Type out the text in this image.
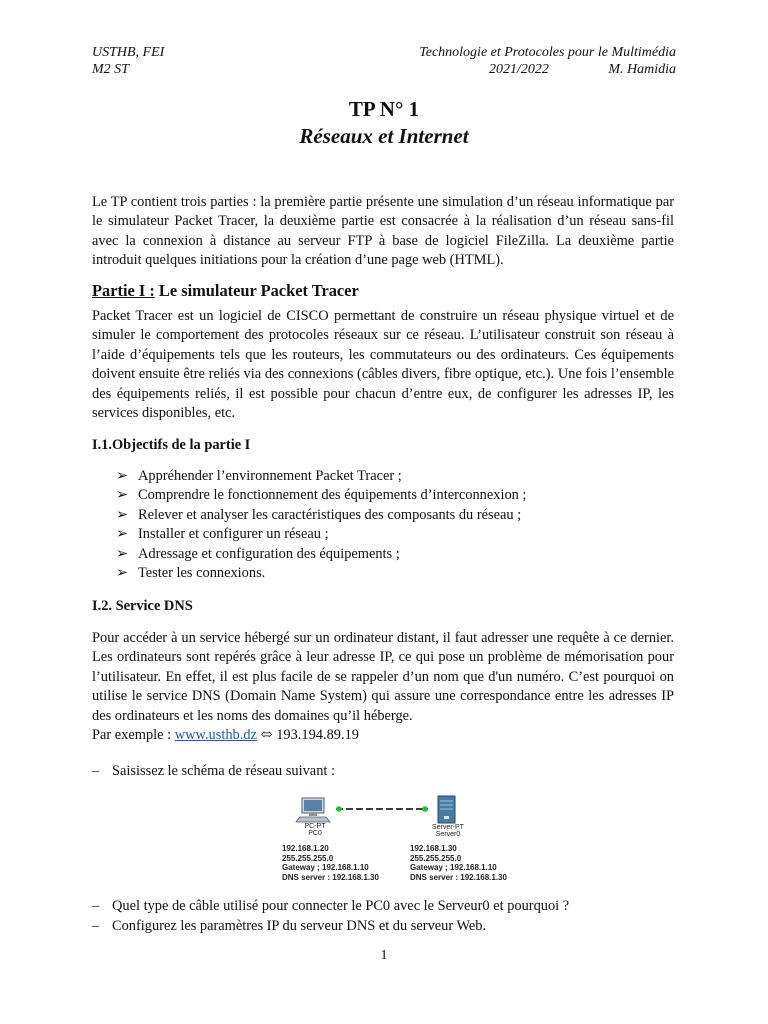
USTHB, FEI
M2 ST
Technologie et Protocoles pour le Multimédia
2021/2022	M. Hamidia
TP N° 1
Réseaux et Internet
Le TP contient trois parties : la première partie présente une simulation d’un réseau informatique par le simulateur Packet Tracer, la deuxième partie est consacrée à la réalisation d’un réseau sans-fil avec la connexion à distance au serveur FTP à base de logiciel FileZilla. La deuxième partie introduit quelques initiations pour la création d’une page web (HTML).
Partie I : Le simulateur Packet Tracer
Packet Tracer est un logiciel de CISCO permettant de construire un réseau physique virtuel et de simuler le comportement des protocoles réseaux sur ce réseau. L’utilisateur construit son réseau à l’aide d’équipements tels que les routeurs, les commutateurs ou des ordinateurs. Ces équipements doivent ensuite être reliés via des connexions (câbles divers, fibre optique, etc.). Une fois l’ensemble des équipements reliés, il est possible pour chacun d’entre eux, de configurer les adresses IP, les services disponibles, etc.
I.1.Objectifs de la partie I
➢ Appréhender l’environnement Packet Tracer ;
➢ Comprendre le fonctionnement des équipements d’interconnexion ;
➢ Relever et analyser les caractéristiques des composants du réseau ;
➢ Installer et configurer un réseau ;
➢ Adressage et configuration des équipements ;
➢ Tester les connexions.
I.2. Service DNS
Pour accéder à un service hébergé sur un ordinateur distant, il faut adresser une requête à ce dernier. Les ordinateurs sont repérés grâce à leur adresse IP, ce qui pose un problème de mémorisation pour l’utilisateur. En effet, il est plus facile de se rappeler d’un nom que d'un numéro. C’est pourquoi on utilise le service DNS (Domain Name System) qui assure une correspondance entre les adresses IP des ordinateurs et les noms des domaines qu’il héberge.
Par exemple : www.usthb.dz ⬄ 193.194.89.19
– Saisissez le schéma de réseau suivant :
PC-PT
PC0
Server-PT
Server0
192.168.1.20
255.255.255.0
Gateway ; 192.168.1.10
DNS server : 192.168.1.30
192.168.1.30
255.255.255.0
Gateway ; 192.168.1.10
DNS server : 192.168.1.30
– Quel type de câble utilisé pour connecter le PC0 avec le Serveur0 et pourquoi ?
– Configurez les paramètres IP du serveur DNS et du serveur Web.
1
